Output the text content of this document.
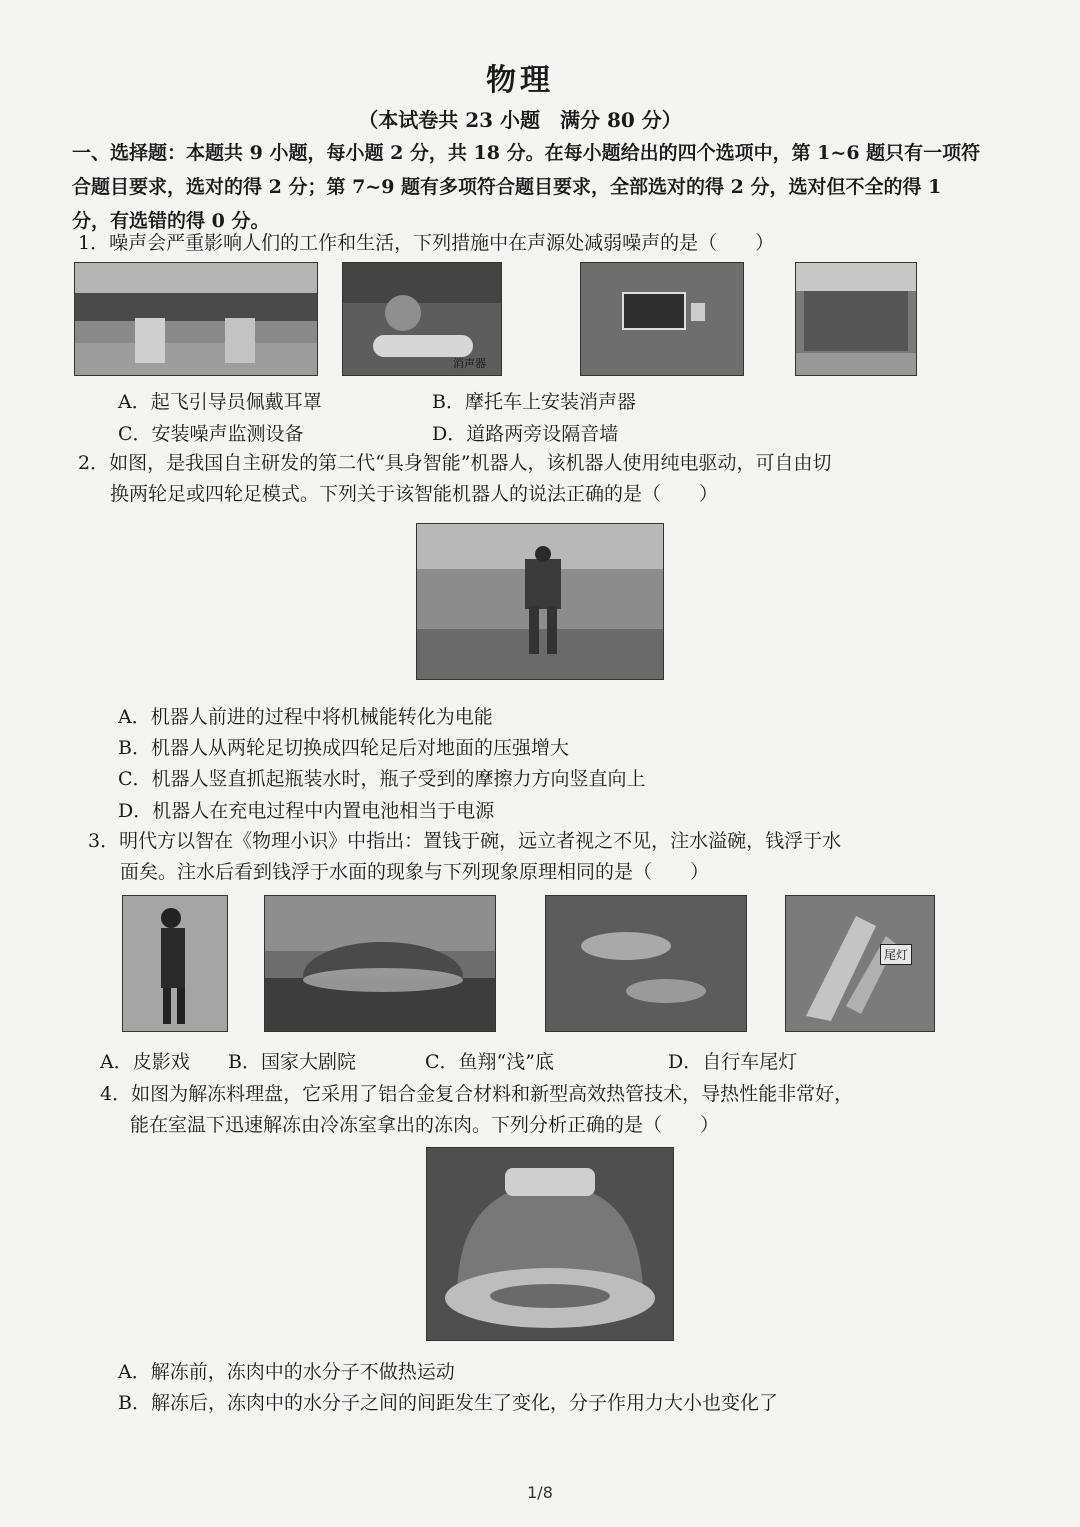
物理
（本试卷共 23 小题　满分 80 分）
一、选择题：本题共 9 小题，每小题 2 分，共 18 分。在每小题给出的四个选项中，第 1~6 题只有一项符合题目要求，选对的得 2 分；第 7~9 题有多项符合题目要求，全部选对的得 2 分，选对但不全的得 1 分，有选错的得 0 分。
1．噪声会严重影响人们的工作和生活，下列措施中在声源处减弱噪声的是（　　）
消声器
A．起飞引导员佩戴耳罩	B．摩托车上安装消声器
C．安装噪声监测设备	D．道路两旁设隔音墙
2．如图，是我国自主研发的第二代“具身智能”机器人，该机器人使用纯电驱动，可自由切
换两轮足或四轮足模式。下列关于该智能机器人的说法正确的是（　　）
A．机器人前进的过程中将机械能转化为电能
B．机器人从两轮足切换成四轮足后对地面的压强增大
C．机器人竖直抓起瓶装水时，瓶子受到的摩擦力方向竖直向上
D．机器人在充电过程中内置电池相当于电源
3．明代方以智在《物理小识》中指出：置钱于碗，远立者视之不见，注水溢碗，钱浮于水
面矣。注水后看到钱浮于水面的现象与下列现象原理相同的是（　　）
尾灯
A．皮影戏 B．国家大剧院	C．鱼翔“浅”底	D．自行车尾灯
4．如图为解冻料理盘，它采用了铝合金复合材料和新型高效热管技术，导热性能非常好，
能在室温下迅速解冻由冷冻室拿出的冻肉。下列分析正确的是（　　）
A．解冻前，冻肉中的水分子不做热运动
B．解冻后，冻肉中的水分子之间的间距发生了变化，分子作用力大小也变化了
1/8
